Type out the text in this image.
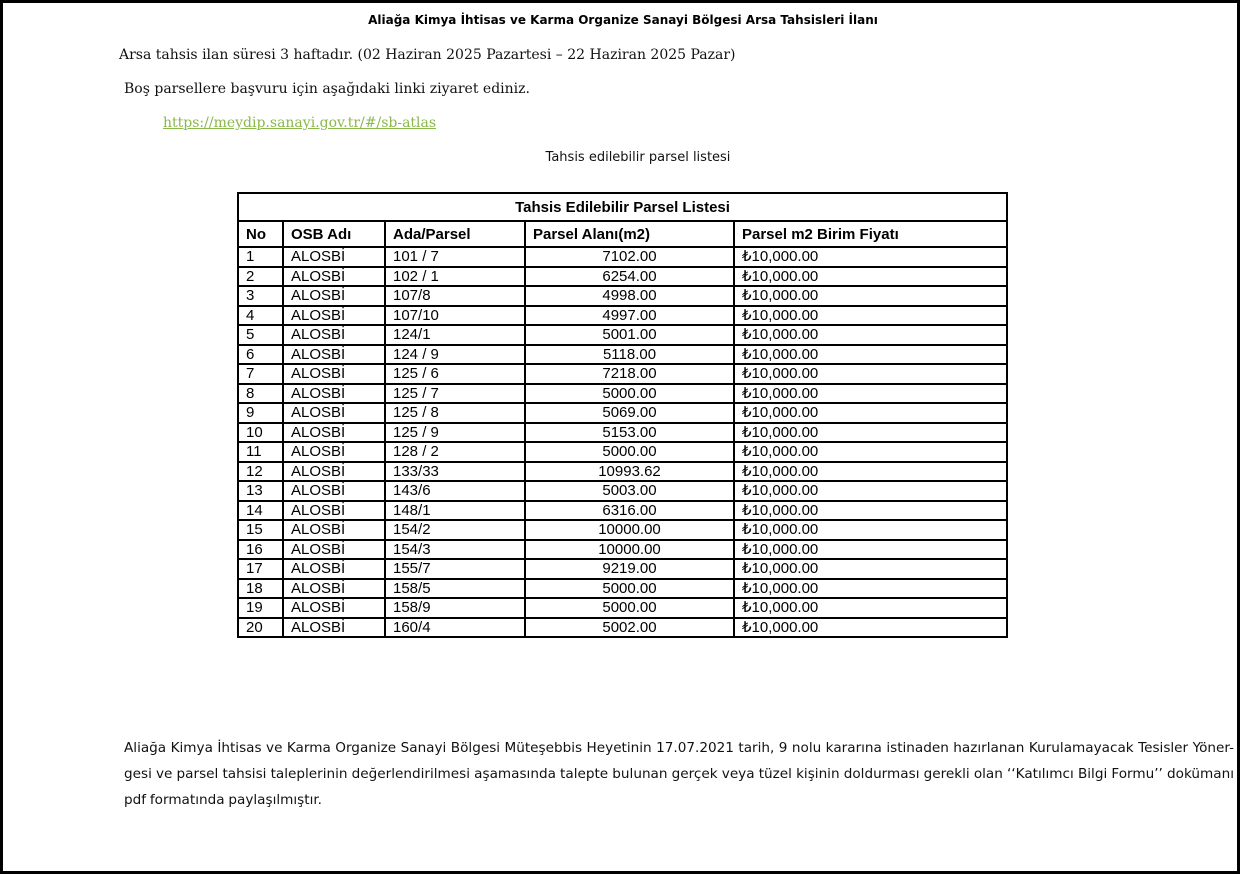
Aliağa Kimya İhtisas ve Karma Organize Sanayi Bölgesi Arsa Tahsisleri İlanı
Arsa tahsis ilan süresi 3 haftadır. (02 Haziran 2025 Pazartesi – 22 Haziran 2025 Pazar)
Boş parsellere başvuru için aşağıdaki linki ziyaret ediniz.
https://meydip.sanayi.gov.tr/#/sb-atlas
Tahsis edilebilir parsel listesi
Tahsis Edilebilir Parsel Listesi				
No	OSB Adı	Ada/Parsel	Parsel Alanı(m2)	Parsel m2 Birim Fiyatı
1	ALOSBİ	101 / 7	7102.00	₺10,000.00
2	ALOSBİ	102 / 1	6254.00	₺10,000.00
3	ALOSBİ	107/8	4998.00	₺10,000.00
4	ALOSBİ	107/10	4997.00	₺10,000.00
5	ALOSBİ	124/1	5001.00	₺10,000.00
6	ALOSBİ	124 / 9	5118.00	₺10,000.00
7	ALOSBİ	125 / 6	7218.00	₺10,000.00
8	ALOSBİ	125 / 7	5000.00	₺10,000.00
9	ALOSBİ	125 / 8	5069.00	₺10,000.00
10	ALOSBİ	125 / 9	5153.00	₺10,000.00
11	ALOSBİ	128 / 2	5000.00	₺10,000.00
12	ALOSBİ	133/33	10993.62	₺10,000.00
13	ALOSBİ	143/6	5003.00	₺10,000.00
14	ALOSBİ	148/1	6316.00	₺10,000.00
15	ALOSBİ	154/2	10000.00	₺10,000.00
16	ALOSBİ	154/3	10000.00	₺10,000.00
17	ALOSBİ	155/7	9219.00	₺10,000.00
18	ALOSBİ	158/5	5000.00	₺10,000.00
19	ALOSBİ	158/9	5000.00	₺10,000.00
20	ALOSBİ	160/4	5002.00	₺10,000.00
Aliağa Kimya İhtisas ve Karma Organize Sanayi Bölgesi Müteşebbis Heyetinin 17.07.2021 tarih, 9 nolu kararına istinaden hazırlanan Kurulamayacak Tesisler Yöner- gesi ve parsel tahsisi taleplerinin değerlendirilmesi aşamasında talepte bulunan gerçek veya tüzel kişinin doldurması gerekli olan ‘‘Katılımcı Bilgi Formu’’ dokümanı pdf formatında paylaşılmıştır.
